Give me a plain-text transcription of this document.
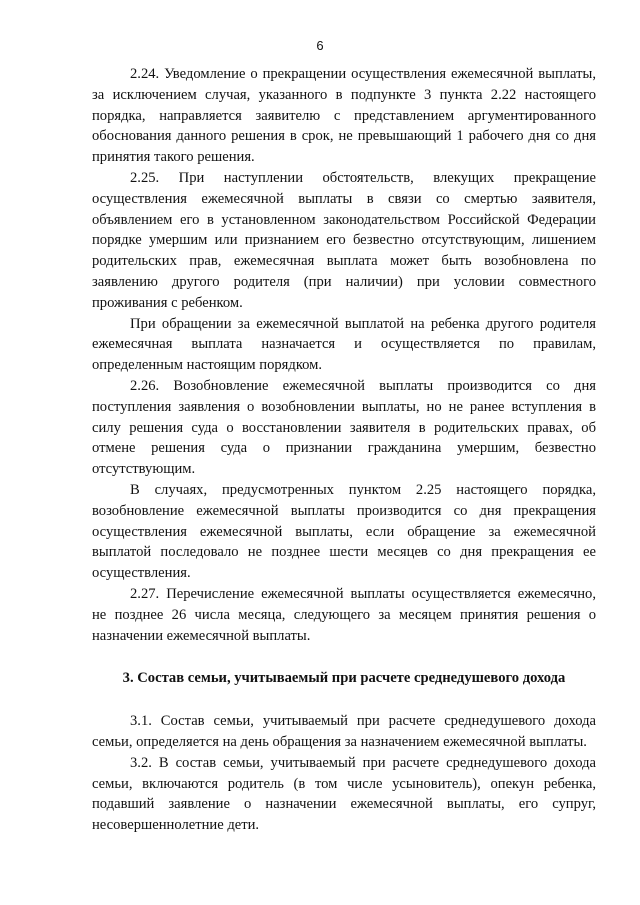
6

2.24. Уведомление о прекращении осуществления ежемесячной выплаты, за исключением случая, указанного в подпункте 3 пункта 2.22 настоящего порядка, направляется заявителю с представлением аргументированного обоснования данного решения в срок, не превышающий 1 рабочего дня со дня принятия такого решения.

2.25. При наступлении обстоятельств, влекущих прекращение осуществления ежемесячной выплаты в связи со смертью заявителя, объявлением его в установленном законодательством Российской Федерации порядке умершим или признанием его безвестно отсутствующим, лишением родительских прав, ежемесячная выплата может быть возобновлена по заявлению другого родителя (при наличии) при условии совместного проживания с ребенком.

При обращении за ежемесячной выплатой на ребенка другого родителя ежемесячная выплата назначается и осуществляется по правилам, определенным настоящим порядком.

2.26. Возобновление ежемесячной выплаты производится со дня поступления заявления о возобновлении выплаты, но не ранее вступления в силу решения суда о восстановлении заявителя в родительских правах, об отмене решения суда о признании гражданина умершим, безвестно отсутствующим.

В случаях, предусмотренных пунктом 2.25 настоящего порядка, возобновление ежемесячной выплаты производится со дня прекращения осуществления ежемесячной выплаты, если обращение за ежемесячной выплатой последовало не позднее шести месяцев со дня прекращения ее осуществления.

2.27. Перечисление ежемесячной выплаты осуществляется ежемесячно, не позднее 26 числа месяца, следующего за месяцем принятия решения о назначении ежемесячной выплаты.

3. Состав семьи, учитываемый при расчете среднедушевого дохода

3.1. Состав семьи, учитываемый при расчете среднедушевого дохода семьи, определяется на день обращения за назначением ежемесячной выплаты.

3.2. В состав семьи, учитываемый при расчете среднедушевого дохода семьи, включаются родитель (в том числе усыновитель), опекун ребенка, подавший заявление о назначении ежемесячной выплаты, его супруг, несовершеннолетние дети.
